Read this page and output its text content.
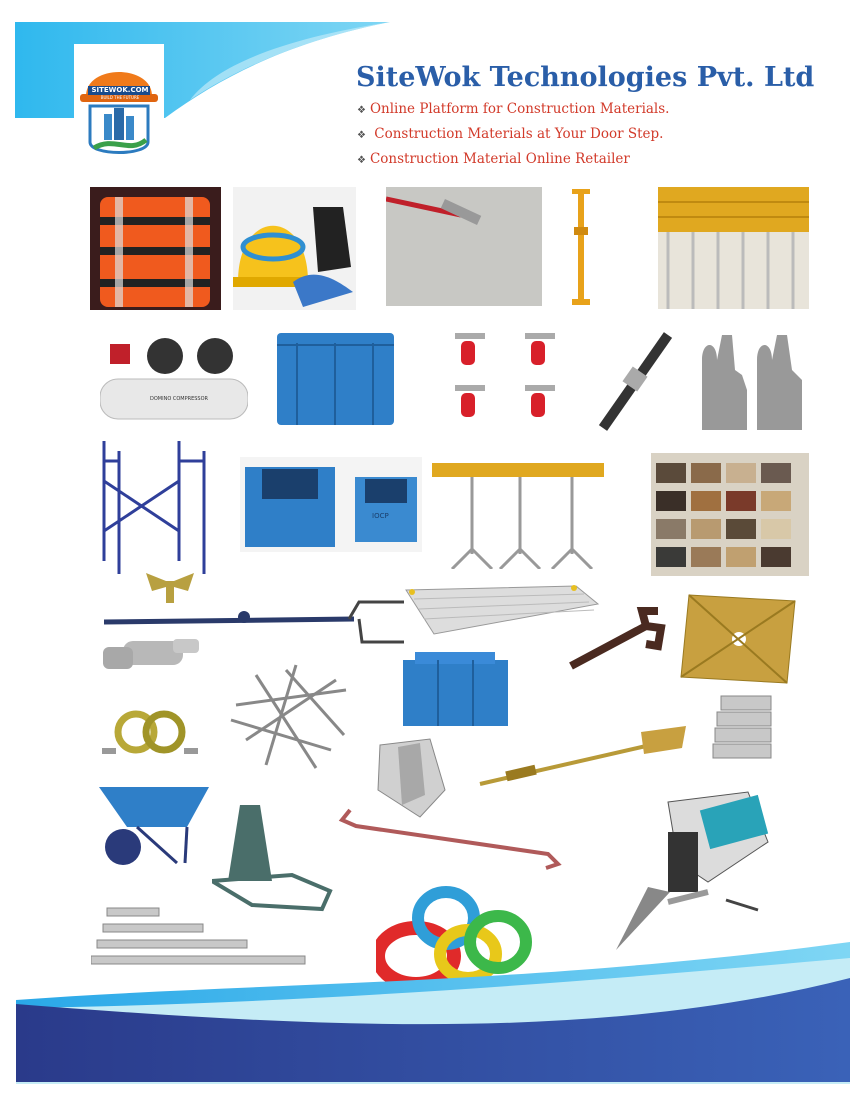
SITEWOK.COM
BUILD THE FUTURE
SiteWok Technologies Pvt. Ltd
❖ Online Platform for Construction Materials.
❖ Construction Materials at Your Door Step.
❖ Construction Material Online Retailer
DOMINO COMPRESSOR
IOCP
